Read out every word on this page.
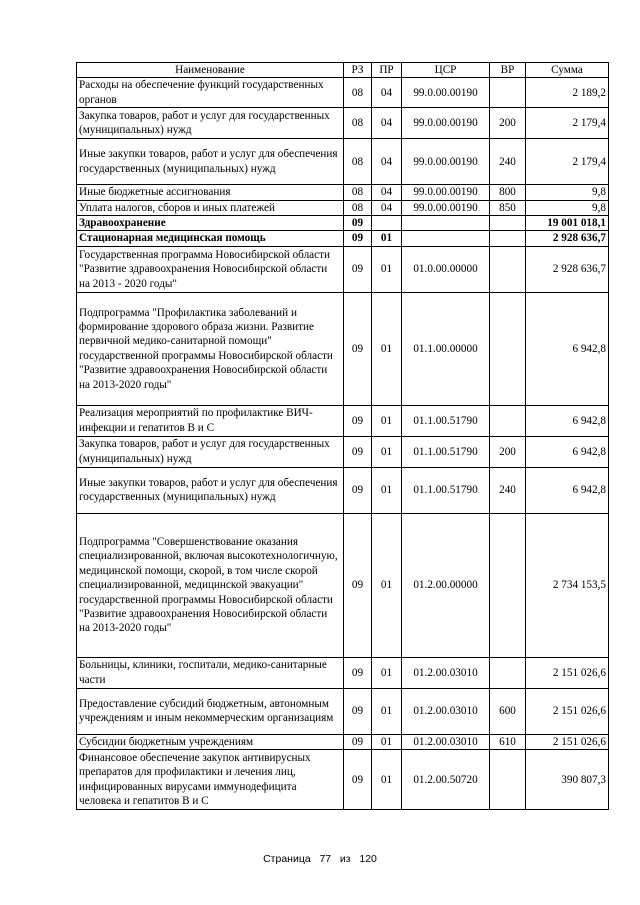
Наименование	РЗ	ПР	ЦСР	ВР	Сумма
Расходы на обеспечение функций государственных органов	08	04	99.0.00.00190		2 189,2
Закупка товаров, работ и услуг для государственных (муниципальных) нужд	08	04	99.0.00.00190	200	2 179,4
Иные закупки товаров, работ и услуг для обеспечения государственных (муниципальных) нужд	08	04	99.0.00.00190	240	2 179,4
Иные бюджетные ассигнования	08	04	99.0.00.00190	800	9,8
Уплата налогов, сборов и иных платежей	08	04	99.0.00.00190	850	9,8
Здравоохранение	09				19 001 018,1
Стационарная медицинская помощь	09	01			2 928 636,7
Государственная программа Новосибирской области "Развитие здравоохранения Новосибирской области на 2013 - 2020 годы"	09	01	01.0.00.00000		2 928 636,7
Подпрограмма "Профилактика заболеваний и формирование здорового образа жизни. Развитие первичной медико-санитарной помощи" государственной программы Новосибирской области "Развитие здравоохранения Новосибирской области на 2013-2020 годы"	09	01	01.1.00.00000		6 942,8
Реализация мероприятий по профилактике ВИЧ-инфекции и гепатитов В и С	09	01	01.1.00.51790		6 942,8
Закупка товаров, работ и услуг для государственных (муниципальных) нужд	09	01	01.1.00.51790	200	6 942,8
Иные закупки товаров, работ и услуг для обеспечения государственных (муниципальных) нужд	09	01	01.1.00.51790	240	6 942,8
Подпрограмма "Совершенствование оказания специализированной, включая высокотехнологичную, медицинской помощи, скорой, в том числе скорой специализированной, медицинской эвакуации" государственной программы Новосибирской области "Развитие здравоохранения Новосибирской области на 2013-2020 годы"	09	01	01.2.00.00000		2 734 153,5
Больницы, клиники, госпитали, медико-санитарные части	09	01	01.2.00.03010		2 151 026,6
Предоставление субсидий бюджетным, автономным учреждениям и иным некоммерческим организациям	09	01	01.2.00.03010	600	2 151 026,6
Субсидии бюджетным учреждениям	09	01	01.2.00.03010	610	2 151 026,6
Финансовое обеспечение закупок антивирусных препаратов для профилактики и лечения лиц, инфицированных вирусами иммунодефицита человека и гепатитов В и С	09	01	01.2.00.50720		390 807,3
Страница 77 из 120
